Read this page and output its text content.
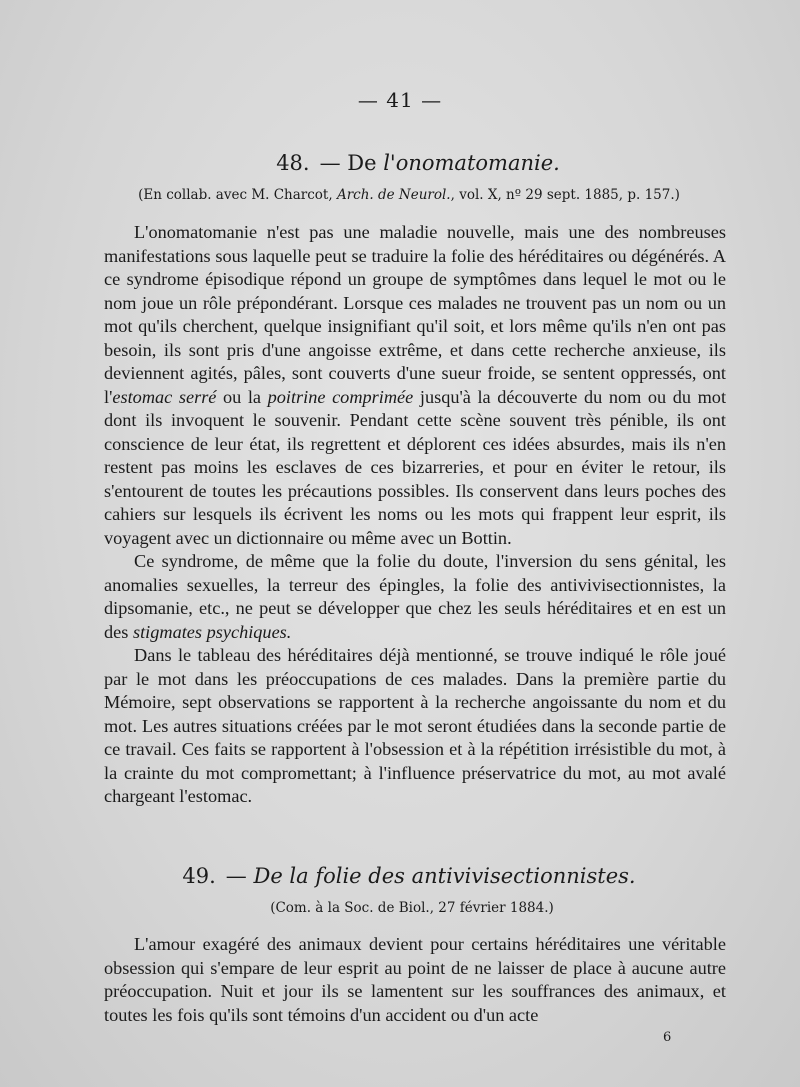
— 41 —
48. — De l'onomatomanie.
(En collab. avec M. Charcot, Arch. de Neurol., vol. X, nº 29 sept. 1885, p. 157.)

L'onomatomanie n'est pas une maladie nouvelle, mais une des nombreuses manifestations sous laquelle peut se traduire la folie des héréditaires ou dégénérés. A ce syndrome épisodique répond un groupe de symptômes dans lequel le mot ou le nom joue un rôle prépondérant. Lorsque ces malades ne trouvent pas un nom ou un mot qu'ils cherchent, quelque insignifiant qu'il soit, et lors même qu'ils n'en ont pas besoin, ils sont pris d'une angoisse extrême, et dans cette recherche anxieuse, ils deviennent agités, pâles, sont couverts d'une sueur froide, se sentent oppressés, ont l'estomac serré ou la poitrine comprimée jusqu'à la découverte du nom ou du mot dont ils invoquent le souvenir. Pendant cette scène souvent très pénible, ils ont conscience de leur état, ils regrettent et déplorent ces idées absurdes, mais ils n'en restent pas moins les esclaves de ces bizarreries, et pour en éviter le retour, ils s'entourent de toutes les précautions possibles. Ils conservent dans leurs poches des cahiers sur lesquels ils écrivent les noms ou les mots qui frappent leur esprit, ils voyagent avec un dictionnaire ou même avec un Bottin.

Ce syndrome, de même que la folie du doute, l'inversion du sens génital, les anomalies sexuelles, la terreur des épingles, la folie des antivivisectionnistes, la dipsomanie, etc., ne peut se développer que chez les seuls héréditaires et en est un des stigmates psychiques.

Dans le tableau des héréditaires déjà mentionné, se trouve indiqué le rôle joué par le mot dans les préoccupations de ces malades. Dans la première partie du Mémoire, sept observations se rapportent à la recherche angoissante du nom et du mot. Les autres situations créées par le mot seront étudiées dans la seconde partie de ce travail. Ces faits se rapportent à l'obsession et à la répétition irrésistible du mot, à la crainte du mot compromettant; à l'influence préservatrice du mot, au mot avalé chargeant l'estomac.

49. — De la folie des antivivisectionnistes.
(Com. à la Soc. de Biol., 27 février 1884.)

L'amour exagéré des animaux devient pour certains héréditaires une véritable obsession qui s'empare de leur esprit au point de ne laisser de place à aucune autre préoccupation. Nuit et jour ils se lamentent sur les souffrances des animaux, et toutes les fois qu'ils sont témoins d'un accident ou d'un acte

6
